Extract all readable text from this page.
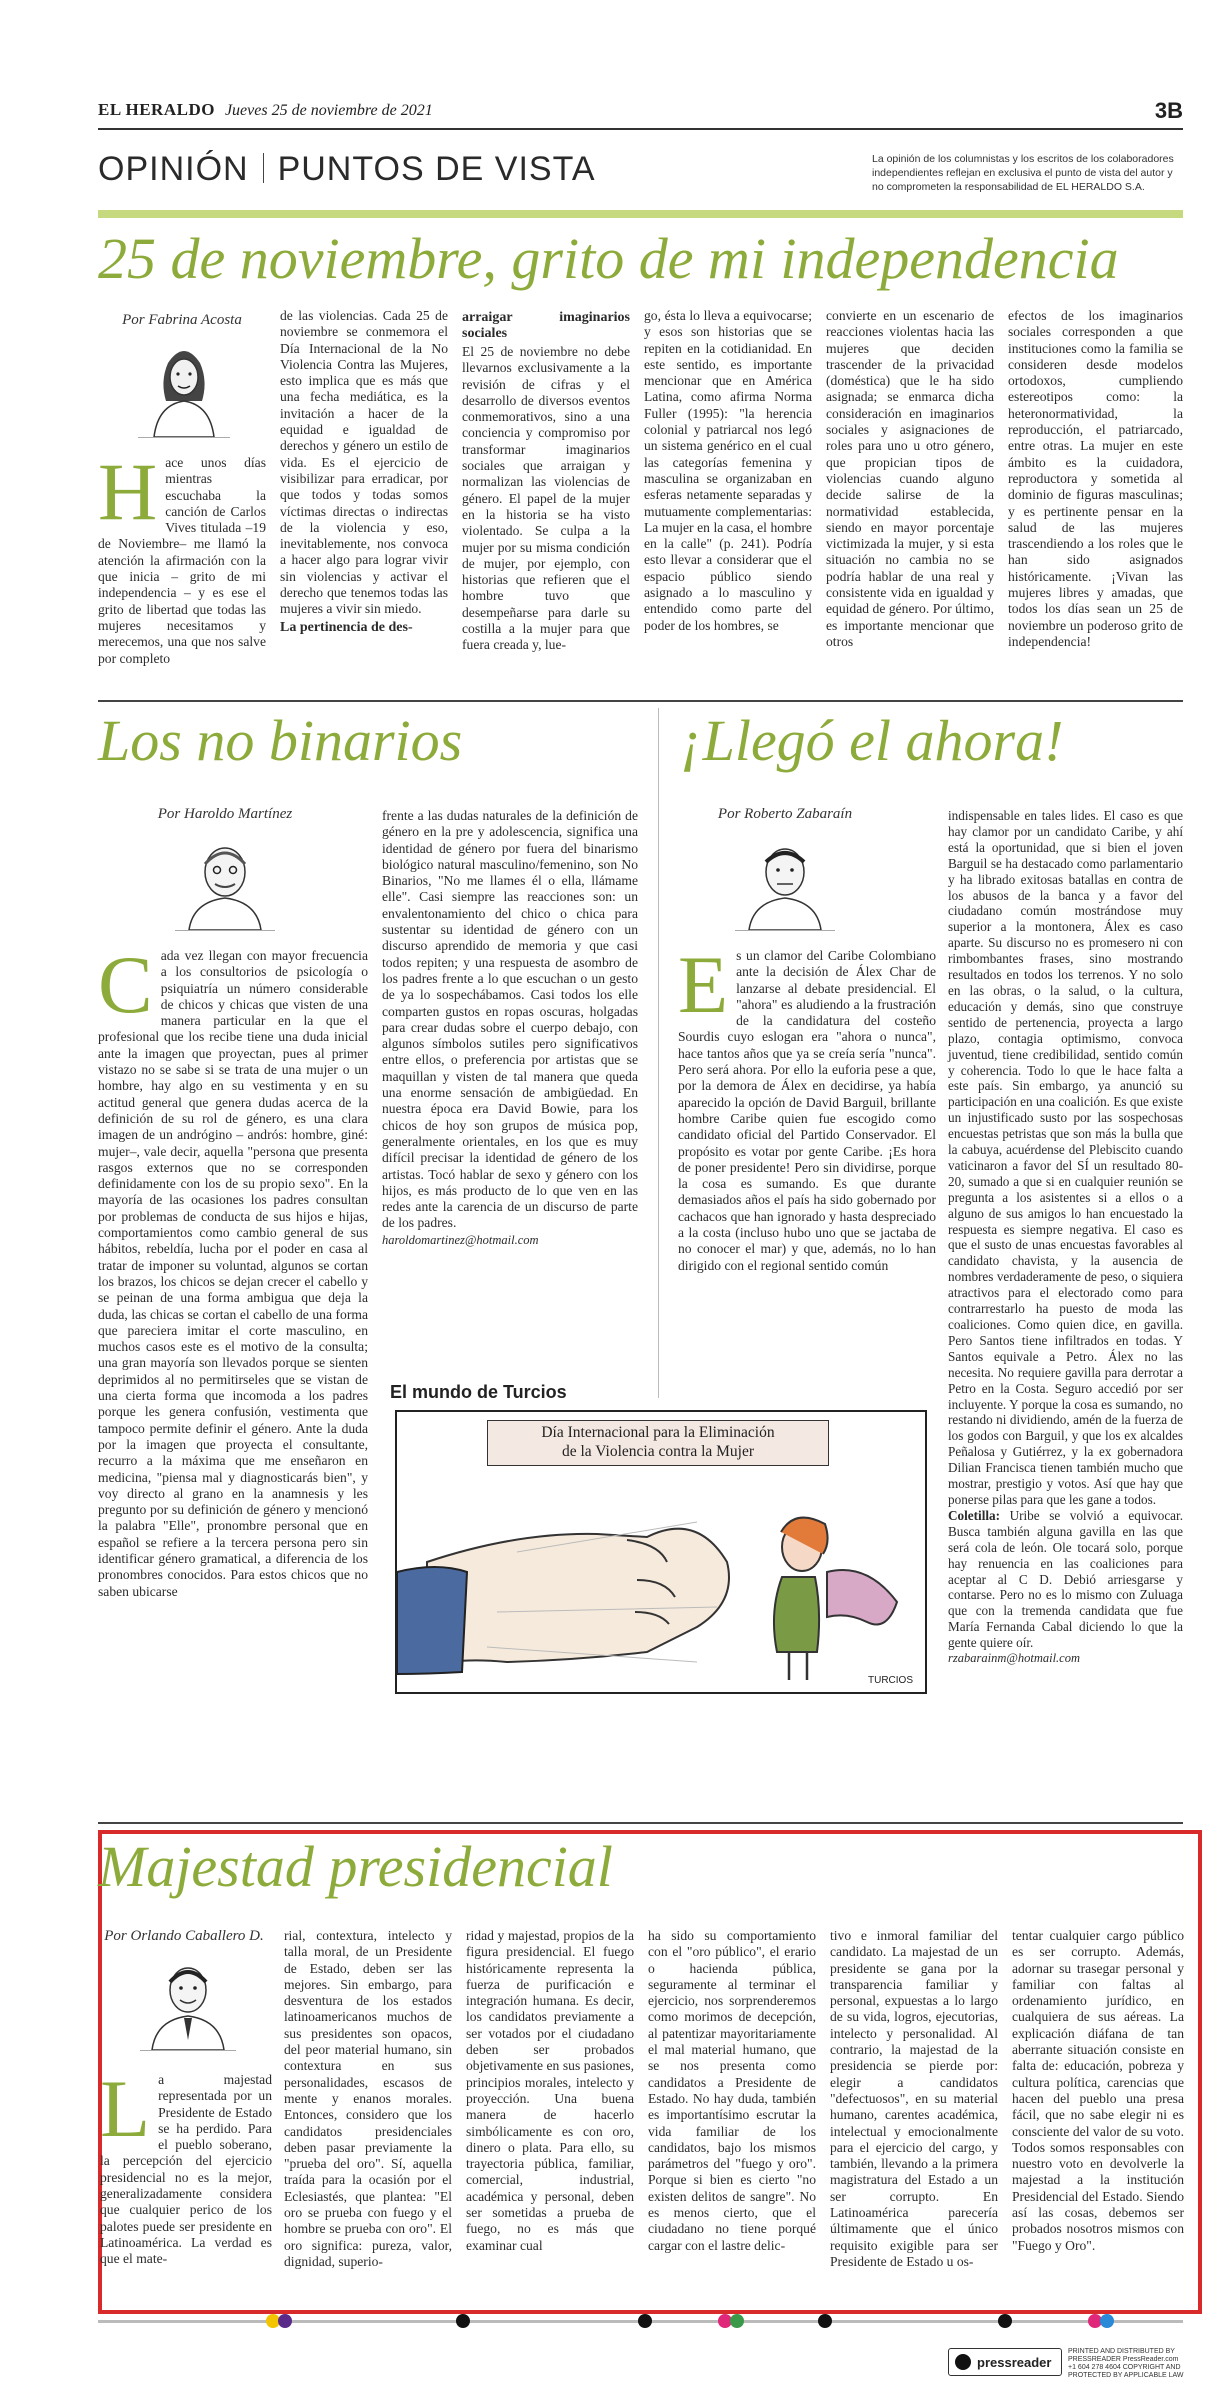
EL HERALDO Jueves 25 de noviembre de 2021	3B
OPINIÓN PUNTOS DE VISTA	La opinión de los columnistas y los escritos de los colaboradores independientes reflejan en exclusiva el punto de vista del autor y no comprometen la responsabilidad de EL HERALDO S.A.
25 de noviembre, grito de mi independencia
Por Fabrina Acosta
Hace unos días mientras escuchaba la canción de Carlos Vives titulada –19 de Noviembre– me llamó la atención la afirmación con la que inicia – grito de mi independencia – y es ese el grito de libertad que todas las mujeres necesitamos y merecemos, una que nos salve por completo
de las violencias. Cada 25 de noviembre se conmemora el Día Internacional de la No Violencia Contra las Mujeres, esto implica que es más que una fecha mediática, es la invitación a hacer de la equidad e igualdad de derechos y género un estilo de vida. Es el ejercicio de visibilizar para erradicar, por que todos y todas somos víctimas directas o indirectas de la violencia y eso, inevitablemente, nos convoca a hacer algo para lograr vivir sin violencias y activar el derecho que tenemos todas las mujeres a vivir sin miedo.
La pertinencia de des-
arraigar imaginarios sociales
El 25 de noviembre no debe llevarnos exclusivamente a la revisión de cifras y el desarrollo de diversos eventos conmemorativos, sino a una conciencia y compromiso por transformar imaginarios sociales que arraigan y normalizan las violencias de género. El papel de la mujer en la historia se ha visto violentado. Se culpa a la mujer por su misma condición de mujer, por ejemplo, con historias que refieren que el hombre tuvo que desempeñarse para darle su costilla a la mujer para que fuera creada y, lue-
go, ésta lo lleva a equivocarse; y esos son historias que se repiten en la cotidianidad. En este sentido, es importante mencionar que en América Latina, como afirma Norma Fuller (1995): "la herencia colonial y patriarcal nos legó un sistema genérico en el cual las categorías femenina y masculina se organizaban en esferas netamente separadas y mutuamente complementarias: La mujer en la casa, el hombre en la calle" (p. 241). Podría esto llevar a considerar que el espacio público siendo asignado a lo masculino y entendido como parte del poder de los hombres, se
convierte en un escenario de reacciones violentas hacia las mujeres que deciden trascender de la privacidad (doméstica) que le ha sido asignada; se enmarca dicha consideración en imaginarios sociales y asignaciones de roles para uno u otro género, que propician tipos de violencias cuando alguno decide salirse de la normatividad establecida, siendo en mayor porcentaje victimizada la mujer, y si esta situación no cambia no se podría hablar de una real y consistente vida en igualdad y equidad de género. Por último, es importante mencionar que otros
efectos de los imaginarios sociales corresponden a que instituciones como la familia se consideren desde modelos ortodoxos, cumpliendo estereotipos como: la heteronormatividad, la reproducción, el patriarcado, entre otras. La mujer en este ámbito es la cuidadora, reproductora y sometida al dominio de figuras masculinas; y es pertinente pensar en la salud de las mujeres trascendiendo a los roles que le han sido asignados históricamente. ¡Vivan las mujeres libres y amadas, que todos los días sean un 25 de noviembre un poderoso grito de independencia!
Los no binarios
Por Haroldo Martínez
Cada vez llegan con mayor frecuencia a los consultorios de psicología o psiquiatría un número considerable de chicos y chicas que visten de una manera particular en la que el profesional que los recibe tiene una duda inicial ante la imagen que proyectan, pues al primer vistazo no se sabe si se trata de una mujer o un hombre, hay algo en su vestimenta y en su actitud general que genera dudas acerca de la definición de su rol de género, es una clara imagen de un andrógino – andrós: hombre, giné: mujer–, vale decir, aquella "persona que presenta rasgos externos que no se corresponden definidamente con los de su propio sexo". En la mayoría de las ocasiones los padres consultan por problemas de conducta de sus hijos e hijas, comportamientos como cambio general de sus hábitos, rebeldía, lucha por el poder en casa al tratar de imponer su voluntad, algunos se cortan los brazos, los chicos se dejan crecer el cabello y se peinan de una forma ambigua que deja la duda, las chicas se cortan el cabello de una forma que pareciera imitar el corte masculino, en muchos casos este es el motivo de la consulta; una gran mayoría son llevados porque se sienten deprimidos al no permitirseles que se vistan de una cierta forma que incomoda a los padres porque les genera confusión, vestimenta que tampoco permite definir el género. Ante la duda por la imagen que proyecta el consultante, recurro a la máxima que me enseñaron en medicina, "piensa mal y diagnosticarás bien", y voy directo al grano en la anamnesis y les pregunto por su definición de género y mencionó la palabra "Elle", pronombre personal que en español se refiere a la tercera persona pero sin identificar género gramatical, a diferencia de los pronombres conocidos. Para estos chicos que no saben ubicarse
frente a las dudas naturales de la definición de género en la pre y adolescencia, significa una identidad de género por fuera del binarismo biológico natural masculino/femenino, son No Binarios, "No me llames él o ella, llámame elle". Casi siempre las reacciones son: un envalentonamiento del chico o chica para sustentar su identidad de género con un discurso aprendido de memoria y que casi todos repiten; y una respuesta de asombro de los padres frente a lo que escuchan o un gesto de ya lo sospechábamos. Casi todos los elle comparten gustos en ropas oscuras, holgadas para crear dudas sobre el cuerpo debajo, con algunos símbolos sutiles pero significativos entre ellos, o preferencia por artistas que se maquillan y visten de tal manera que queda una enorme sensación de ambigüedad. En nuestra época era David Bowie, para los chicos de hoy son grupos de música pop, generalmente orientales, en los que es muy difícil precisar la identidad de género de los artistas. Tocó hablar de sexo y género con los hijos, es más producto de lo que ven en las redes ante la carencia de un discurso de parte de los padres.
haroldomartinez@hotmail.com
¡Llegó el ahora!
Por Roberto Zabaraín
Es un clamor del Caribe Colombiano ante la decisión de Álex Char de lanzarse al debate presidencial. El "ahora" es aludiendo a la frustración de la candidatura del costeño Sourdis cuyo eslogan era "ahora o nunca", hace tantos años que ya se creía sería "nunca". Pero será ahora. Por ello la euforia pese a que, por la demora de Álex en decidirse, ya había aparecido la opción de David Barguil, brillante hombre Caribe quien fue escogido como candidato oficial del Partido Conservador. El propósito es votar por gente Caribe. ¡Es hora de poner presidente! Pero sin dividirse, porque la cosa es sumando. Es que durante demasiados años el país ha sido gobernado por cachacos que han ignorado y hasta despreciado a la costa (incluso hubo uno que se jactaba de no conocer el mar) y que, además, no lo han dirigido con el regional sentido común
indispensable en tales lides. El caso es que hay clamor por un candidato Caribe, y ahí está la oportunidad, que si bien el joven Barguil se ha destacado como parlamentario y ha librado exitosas batallas en contra de los abusos de la banca y a favor del ciudadano común mostrándose muy superior a la montonera, Álex es caso aparte. Su discurso no es promesero ni con rimbombantes frases, sino mostrando resultados en todos los terrenos. Y no solo en las obras, o la salud, o la cultura, educación y demás, sino que construye sentido de pertenencia, proyecta a largo plazo, contagia optimismo, convoca juventud, tiene credibilidad, sentido común y coherencia. Todo lo que le hace falta a este país. Sin embargo, ya anunció su participación en una coalición. Es que existe un injustificado susto por las sospechosas encuestas petristas que son más la bulla que la cabuya, acuérdense del Plebiscito cuando vaticinaron a favor del SÍ un resultado 80-20, sumado a que si en cualquier reunión se pregunta a los asistentes si a ellos o a alguno de sus amigos lo han encuestado la respuesta es siempre negativa. El caso es que el susto de unas encuestas favorables al candidato chavista, y la ausencia de nombres verdaderamente de peso, o siquiera atractivos para el electorado como para contrarrestarlo ha puesto de moda las coaliciones. Como quien dice, en gavilla. Pero Santos tiene infiltrados en todas. Y Santos equivale a Petro. Álex no las necesita. No requiere gavilla para derrotar a Petro en la Costa. Seguro accedió por ser incluyente. Y porque la cosa es sumando, no restando ni dividiendo, amén de la fuerza de los godos con Barguil, y que los ex alcaldes Peñalosa y Gutiérrez, y la ex gobernadora Dilian Francisca tienen también mucho que mostrar, prestigio y votos. Así que hay que ponerse pilas para que les gane a todos.
Coletilla: Uribe se volvió a equivocar. Busca también alguna gavilla en las que será cola de león. Ole tocará solo, porque hay renuencia en las coaliciones para aceptar al C D. Debió arriesgarse y contarse. Pero no es lo mismo con Zuluaga que con la tremenda candidata que fue María Fernanda Cabal diciendo lo que la gente quiere oír.
rzabarainm@hotmail.com
El mundo de Turcios
Día Internacional para la Eliminación
de la Violencia contra la Mujer
TURCIOS
Majestad presidencial
Por Orlando Caballero D.
La majestad representada por un Presidente de Estado se ha perdido. Para el pueblo soberano, la percepción del ejercicio presidencial no es la mejor, generalizadamente considera que cualquier perico de los palotes puede ser presidente en Latinoamérica. La verdad es que el mate-
rial, contextura, intelecto y talla moral, de un Presidente de Estado, deben ser las mejores. Sin embargo, para desventura de los estados latinoamericanos muchos de sus presidentes son opacos, del peor material humano, sin contextura en sus personalidades, escasos de mente y enanos morales. Entonces, considero que los candidatos presidenciales deben pasar previamente la "prueba del oro". Sí, aquella traída para la ocasión por el Eclesiastés, que plantea: "El oro se prueba con fuego y el hombre se prueba con oro". El oro significa: pureza, valor, dignidad, superio-
ridad y majestad, propios de la figura presidencial. El fuego históricamente representa la fuerza de purificación e integración humana. Es decir, los candidatos previamente a ser votados por el ciudadano deben ser probados objetivamente en sus pasiones, principios morales, intelecto y proyección. Una buena manera de hacerlo simbólicamente es con oro, dinero o plata. Para ello, su trayectoria pública, familiar, comercial, industrial, académica y personal, deben ser sometidas a prueba de fuego, no es más que examinar cual
ha sido su comportamiento con el "oro público", el erario o hacienda pública, seguramente al terminar el ejercicio, nos sorprenderemos como morimos de decepción, al patentizar mayoritariamente el mal material humano, que se nos presenta como candidatos a Presidente de Estado. No hay duda, también es importantísimo escrutar la vida familiar de los candidatos, bajo los mismos parámetros del "fuego y oro". Porque si bien es cierto "no existen delitos de sangre". No es menos cierto, que el ciudadano no tiene porqué cargar con el lastre delic-
tivo e inmoral familiar del candidato. La majestad de un presidente se gana por la transparencia familiar y personal, expuestas a lo largo de su vida, logros, ejecutorias, intelecto y personalidad. Al contrario, la majestad de la presidencia se pierde por: elegir a candidatos "defectuosos", en su material humano, carentes académica, intelectual y emocionalmente para el ejercicio del cargo, y también, llevando a la primera magistratura del Estado a un ser corrupto. En Latinoamérica parecería últimamente que el único requisito exigible para ser Presidente de Estado u os-
tentar cualquier cargo público es ser corrupto. Además, adornar su trasegar personal y familiar con faltas al ordenamiento jurídico, en cualquiera de sus aéreas. La explicación diáfana de tan aberrante situación consiste en falta de: educación, pobreza y cultura política, carencias que hacen del pueblo una presa fácil, que no sabe elegir ni es consciente del valor de su voto. Todos somos responsables con nuestro voto en devolverle la majestad a la institución Presidencial del Estado. Siendo así las cosas, debemos ser probados nosotros mismos con "Fuego y Oro".
pressreader
PRINTED AND DISTRIBUTED BY PRESSREADER PressReader.com +1 604 278 4604 COPYRIGHT AND PROTECTED BY APPLICABLE LAW
